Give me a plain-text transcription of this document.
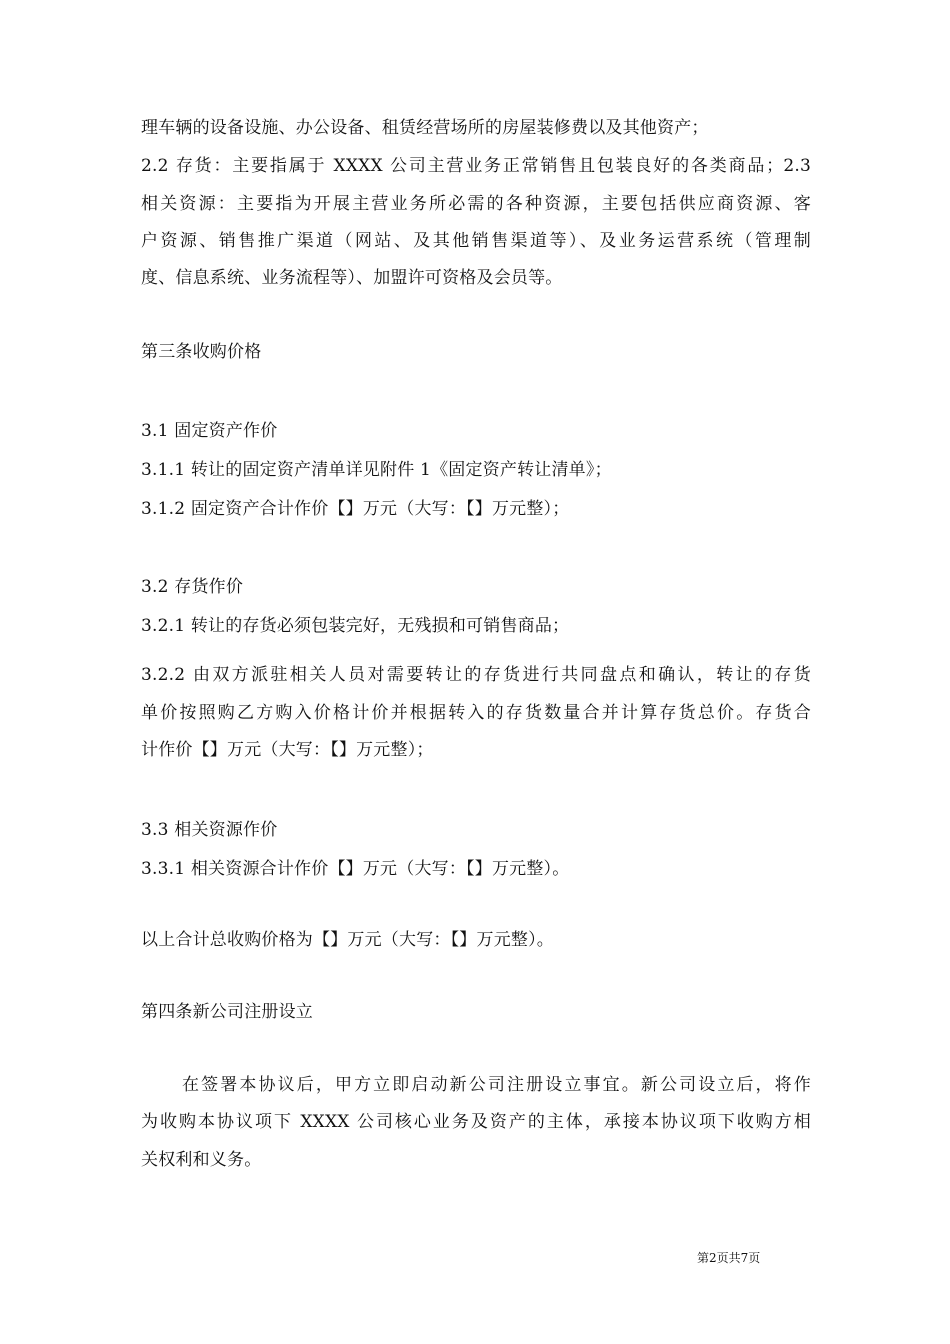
理车辆的设备设施、办公设备、租赁经营场所的房屋装修费以及其他资产；
2.2 存货：主要指属于 XXXX 公司主营业务正常销售且包装良好的各类商品；2.3
相关资源：主要指为开展主营业务所必需的各种资源，主要包括供应商资源、客
户资源、销售推广渠道（网站、及其他销售渠道等）、及业务运营系统（管理制
度、信息系统、业务流程等）、加盟许可资格及会员等。
第三条收购价格
3.1 固定资产作价
3.1.1 转让的固定资产清单详见附件 1《固定资产转让清单》；
3.1.2 固定资产合计作价【】万元（大写：【】万元整）；
3.2 存货作价
3.2.1 转让的存货必须包装完好，无残损和可销售商品；
3.2.2 由双方派驻相关人员对需要转让的存货进行共同盘点和确认，转让的存货
单价按照购乙方购入价格计价并根据转入的存货数量合并计算存货总价。存货合
计作价【】万元（大写：【】万元整）；
3.3 相关资源作价
3.3.1 相关资源合计作价【】万元（大写：【】万元整）。
以上合计总收购价格为【】万元（大写：【】万元整）。
第四条新公司注册设立
在签署本协议后，甲方立即启动新公司注册设立事宜。新公司设立后，将作
为收购本协议项下 XXXX 公司核心业务及资产的主体，承接本协议项下收购方相
关权利和义务。
第2页共7页
